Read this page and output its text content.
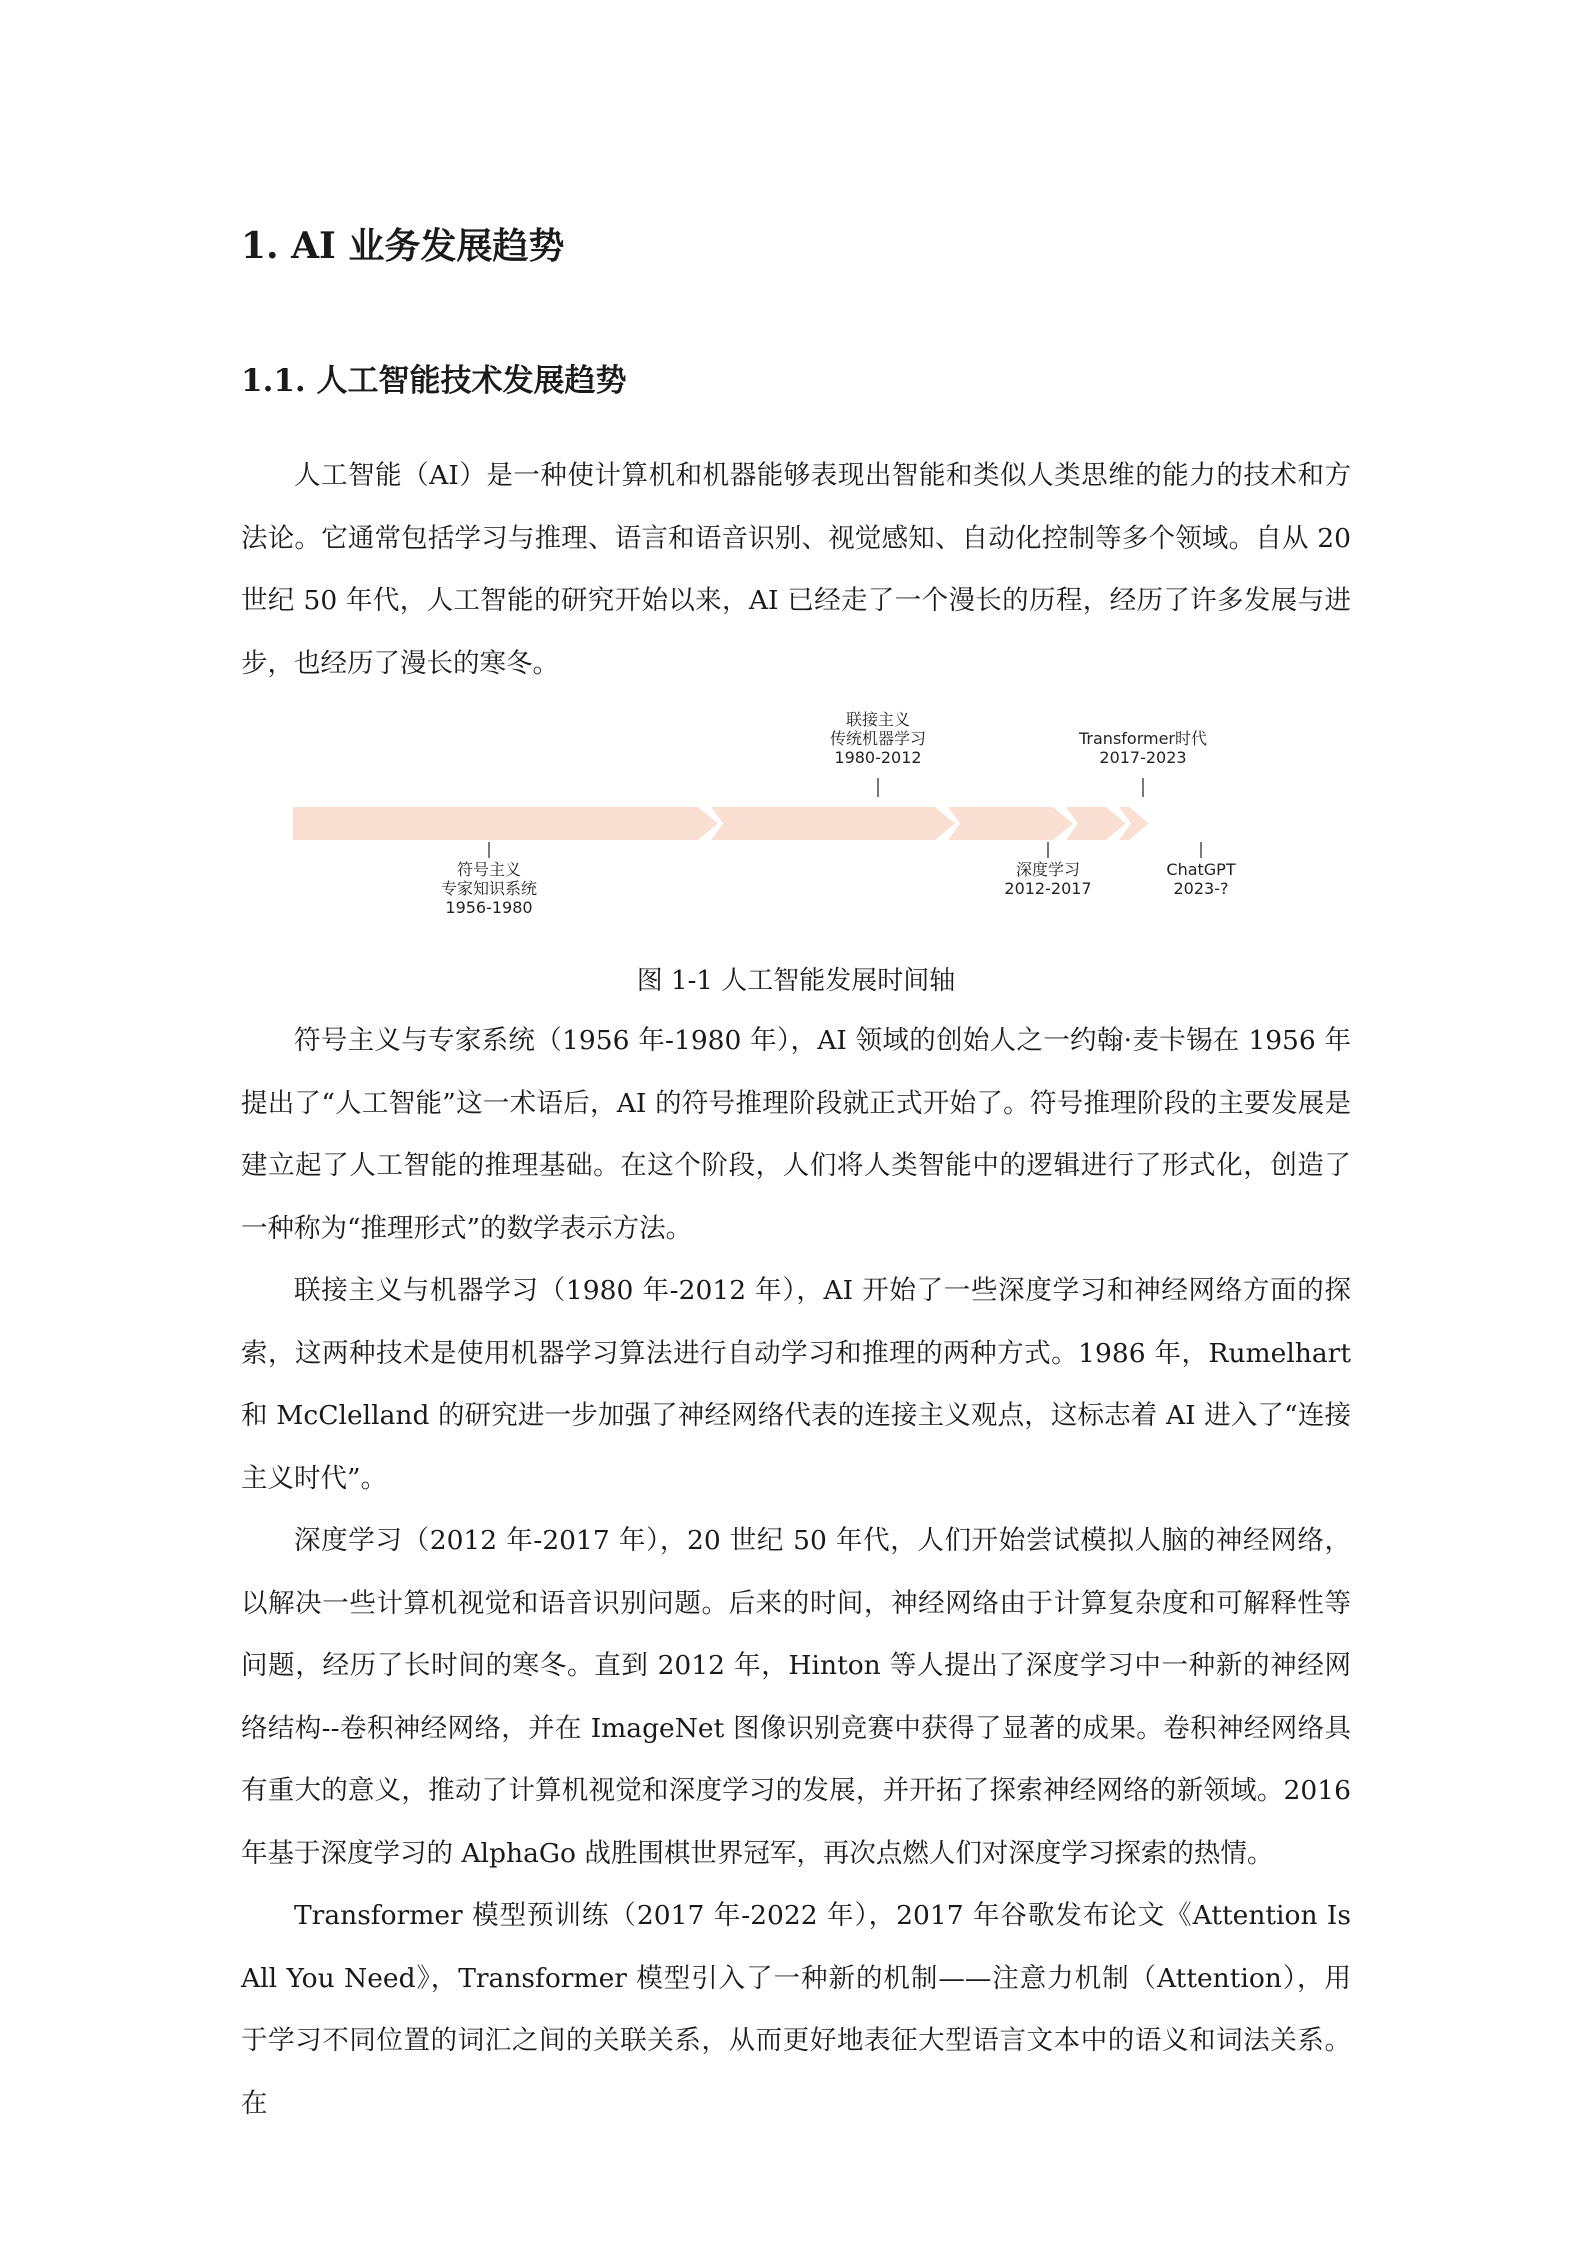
1. AI 业务发展趋势
1.1. 人工智能技术发展趋势

人工智能（AI）是一种使计算机和机器能够表现出智能和类似人类思维的能力的技术和方法论。它通常包括学习与推理、语言和语音识别、视觉感知、自动化控制等多个领域。自从 20 世纪 50 年代，人工智能的研究开始以来，AI 已经走了一个漫长的历程，经历了许多发展与进步，也经历了漫长的寒冬。

符号主义
专家知识系统
1956-1980
联接主义
传统机器学习
1980-2012
深度学习
2012-2017
Transformer时代
2017-2023
ChatGPT
2023-?
图 1-1 人工智能发展时间轴

符号主义与专家系统（1956 年-1980 年），AI 领域的创始人之一约翰·麦卡锡在 1956 年提出了“人工智能”这一术语后，AI 的符号推理阶段就正式开始了。符号推理阶段的主要发展是建立起了人工智能的推理基础。在这个阶段，人们将人类智能中的逻辑进行了形式化，创造了一种称为“推理形式”的数学表示方法。

联接主义与机器学习（1980 年-2012 年），AI 开始了一些深度学习和神经网络方面的探索，这两种技术是使用机器学习算法进行自动学习和推理的两种方式。1986 年，Rumelhart 和 McClelland 的研究进一步加强了神经网络代表的连接主义观点，这标志着 AI 进入了“连接主义时代”。

深度学习（2012 年-2017 年），20 世纪 50 年代，人们开始尝试模拟人脑的神经网络，以解决一些计算机视觉和语音识别问题。后来的时间，神经网络由于计算复杂度和可解释性等问题，经历了长时间的寒冬。直到 2012 年，Hinton 等人提出了深度学习中一种新的神经网络结构--卷积神经网络，并在 ImageNet 图像识别竞赛中获得了显著的成果。卷积神经网络具有重大的意义，推动了计算机视觉和深度学习的发展，并开拓了探索神经网络的新领域。2016 年基于深度学习的 AlphaGo 战胜围棋世界冠军，再次点燃人们对深度学习探索的热情。

Transformer 模型预训练（2017 年-2022 年），2017 年谷歌发布论文《Attention Is All You Need》，Transformer 模型引入了一种新的机制——注意力机制（Attention），用于学习不同位置的词汇之间的关联关系，从而更好地表征大型语言文本中的语义和词法关系。在
